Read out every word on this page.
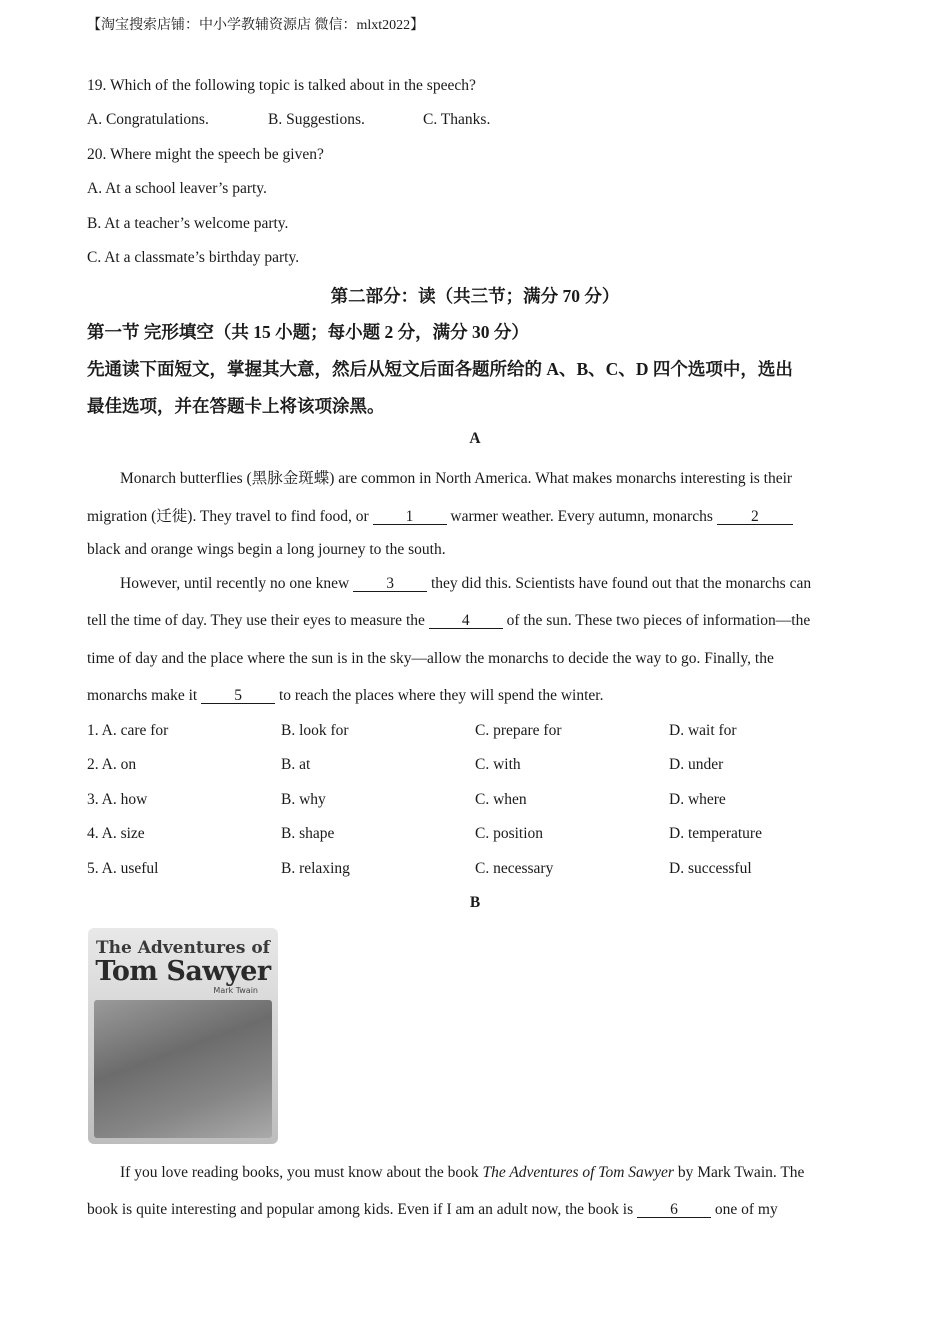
【淘宝搜索店铺：中小学教辅资源店 微信：mlxt2022】
19. Which of the following topic is talked about in the speech?
A. Congratulations.	B. Suggestions.	C. Thanks.
20. Where might the speech be given?
A. At a school leaver’s party.
B. At a teacher’s welcome party.
C. At a classmate’s birthday party.
第二部分：读（共三节；满分 70 分）
第一节 完形填空（共 15 小题；每小题 2 分，满分 30 分）
先通读下面短文，掌握其大意，然后从短文后面各题所给的 A、B、C、D 四个选项中，选出
最佳选项，并在答题卡上将该项涂黑。
A
Monarch butterflies (黑脉金斑蝶) are common in North America. What makes monarchs interesting is their
migration (迁徙). They travel to find food, or 1 warmer weather. Every autumn, monarchs 2
black and orange wings begin a long journey to the south.
However, until recently no one knew 3 they did this. Scientists have found out that the monarchs can
tell the time of day. They use their eyes to measure the 4 of the sun. These two pieces of information—the
time of day and the place where the sun is in the sky—allow the monarchs to decide the way to go. Finally, the
monarchs make it 5 to reach the places where they will spend the winter.
1. A. care for	B. look for	C. prepare for	D. wait for
2. A. on	B. at	C. with	D. under
3. A. how	B. why	C. when	D. where
4. A. size	B. shape	C. position	D. temperature
5. A. useful	B. relaxing	C. necessary	D. successful
B
The Adventures of
Tom Sawyer
Mark Twain
If you love reading books, you must know about the book The Adventures of Tom Sawyer by Mark Twain. The
book is quite interesting and popular among kids. Even if I am an adult now, the book is 6 one of my
